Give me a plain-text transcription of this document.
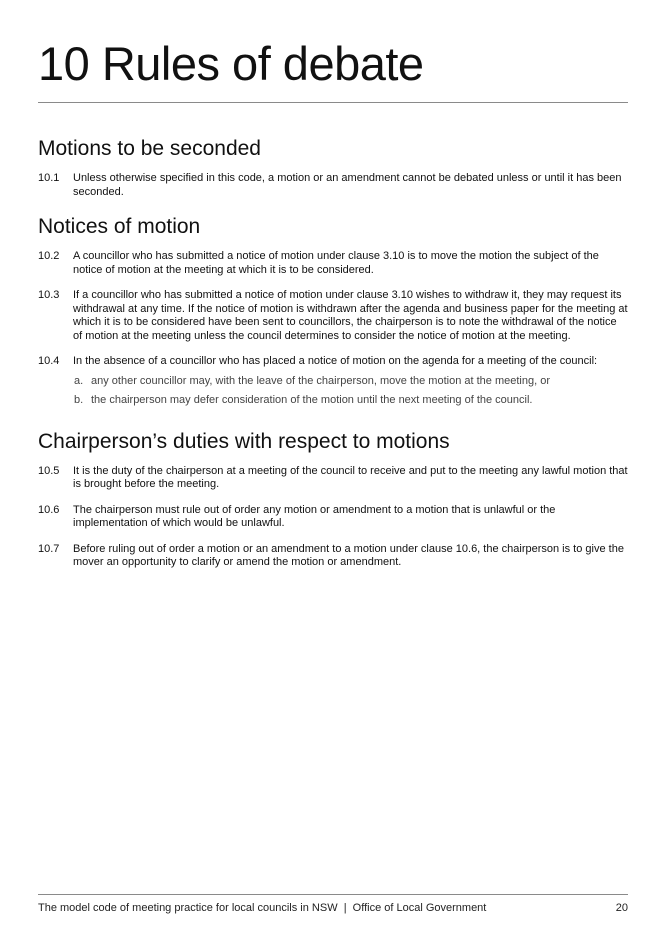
10 Rules of debate
Motions to be seconded
10.1	Unless otherwise specified in this code, a motion or an amendment cannot be debated unless or until it has been seconded.
Notices of motion
10.2	A councillor who has submitted a notice of motion under clause 3.10 is to move the motion the subject of the notice of motion at the meeting at which it is to be considered.
10.3	If a councillor who has submitted a notice of motion under clause 3.10 wishes to withdraw it, they may request its withdrawal at any time. If the notice of motion is withdrawn after the agenda and business paper for the meeting at which it is to be considered have been sent to councillors, the chairperson is to note the withdrawal of the notice of motion at the meeting unless the council determines to consider the notice of motion at the meeting.
10.4	In the absence of a councillor who has placed a notice of motion on the agenda for a meeting of the council:
a. any other councillor may, with the leave of the chairperson, move the motion at the meeting, or
b. the chairperson may defer consideration of the motion until the next meeting of the council.
Chairperson’s duties with respect to motions
10.5	It is the duty of the chairperson at a meeting of the council to receive and put to the meeting any lawful motion that is brought before the meeting.
10.6	The chairperson must rule out of order any motion or amendment to a motion that is unlawful or the implementation of which would be unlawful.
10.7	Before ruling out of order a motion or an amendment to a motion under clause 10.6, the chairperson is to give the mover an opportunity to clarify or amend the motion or amendment.
The model code of meeting practice for local councils in NSW  |  Office of Local Government	20
